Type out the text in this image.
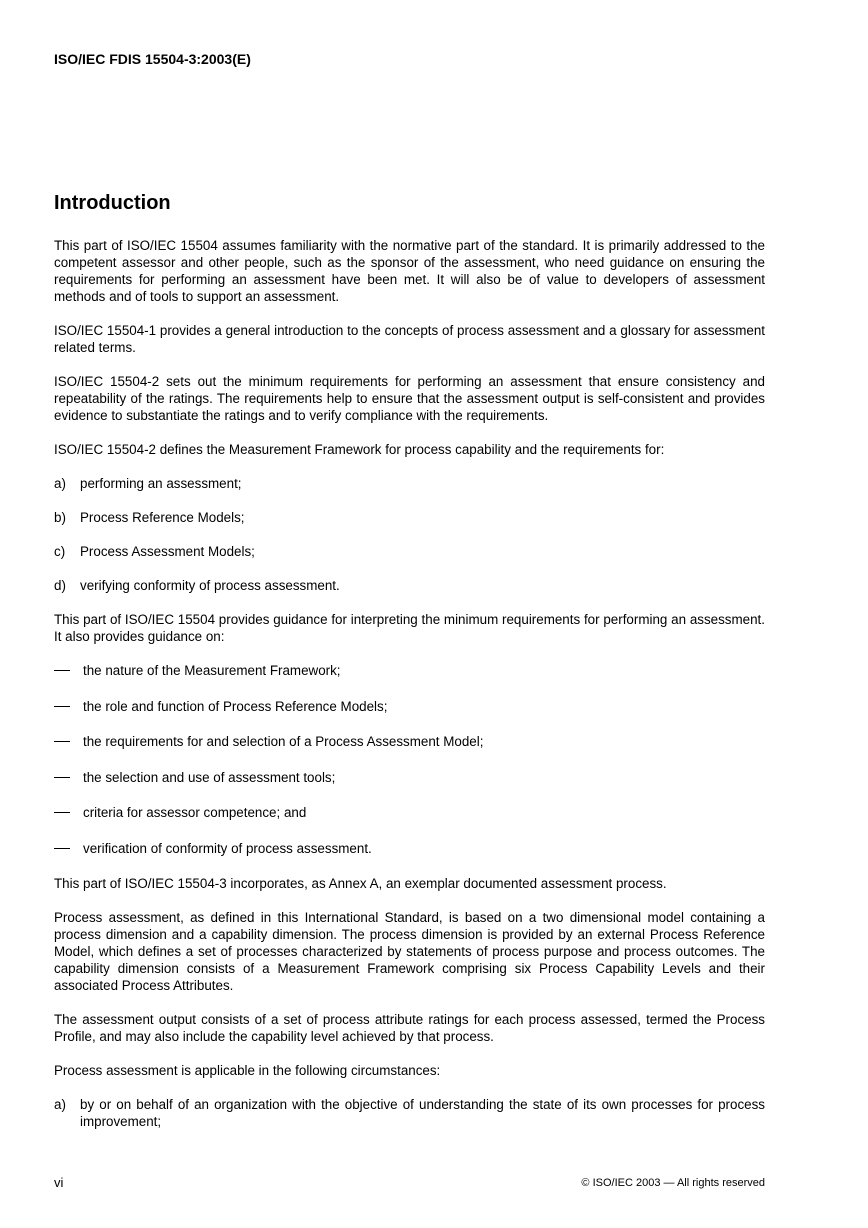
ISO/IEC FDIS 15504-3:2003(E)
Introduction

This part of ISO/IEC 15504 assumes familiarity with the normative part of the standard. It is primarily addressed to the competent assessor and other people, such as the sponsor of the assessment, who need guidance on ensuring the requirements for performing an assessment have been met. It will also be of value to developers of assessment methods and of tools to support an assessment.

ISO/IEC 15504-1 provides a general introduction to the concepts of process assessment and a glossary for assessment related terms.

ISO/IEC 15504-2 sets out the minimum requirements for performing an assessment that ensure consistency and repeatability of the ratings. The requirements help to ensure that the assessment output is self-consistent and provides evidence to substantiate the ratings and to verify compliance with the requirements.

ISO/IEC 15504-2 defines the Measurement Framework for process capability and the requirements for:

a) performing an assessment;
b) Process Reference Models;
c) Process Assessment Models;
d) verifying conformity of process assessment.

This part of ISO/IEC 15504 provides guidance for interpreting the minimum requirements for performing an assessment. It also provides guidance on:

the nature of the Measurement Framework;
the role and function of Process Reference Models;
the requirements for and selection of a Process Assessment Model;
the selection and use of assessment tools;
criteria for assessor competence; and
verification of conformity of process assessment.

This part of ISO/IEC 15504-3 incorporates, as Annex A, an exemplar documented assessment process.

Process assessment, as defined in this International Standard, is based on a two dimensional model containing a process dimension and a capability dimension. The process dimension is provided by an external Process Reference Model, which defines a set of processes characterized by statements of process purpose and process outcomes. The capability dimension consists of a Measurement Framework comprising six Process Capability Levels and their associated Process Attributes.

The assessment output consists of a set of process attribute ratings for each process assessed, termed the Process Profile, and may also include the capability level achieved by that process.

Process assessment is applicable in the following circumstances:

a) by or on behalf of an organization with the objective of understanding the state of its own processes for process improvement;
vi	© ISO/IEC 2003 — All rights reserved
